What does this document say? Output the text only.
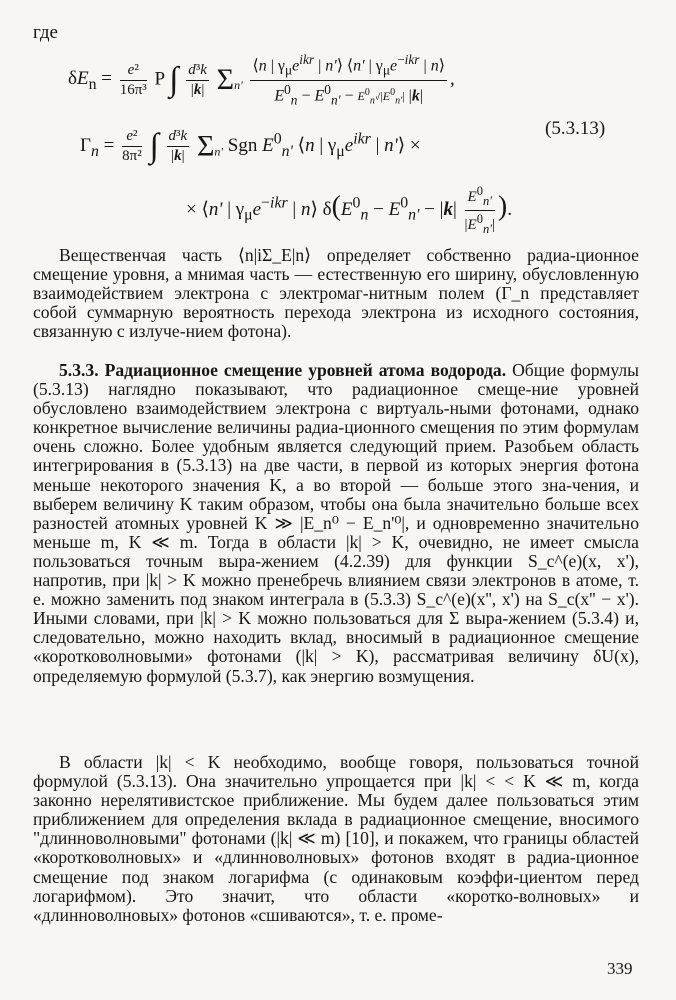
где
$\delta E_n = \frac{\text{e²}}{\text{16π³}}$ P ∫ $\frac{\text{d³k}}{|k|} \Sigma_{n'} \frac{⟨n | \gamma_\mu e^{ikr} | n'⟩ ⟨n' | \gamma_\mu e^{-ikr} | n⟩}{E^0_n - E^0_{n'} - E^0_{n'}/|E^0_{n'}| |k|}$ ,
$\Gamma_n = \frac{\text{e²}}{\text{8π²}}$ ∫ $\frac{\text{d³k}}{|k|} \Sigma_{n'}$ Sgn $E^0_{n'}$ ⟨n | $\gamma_\mu e^{ikr}$ | n'⟩ ×
(5.3.13)
× ⟨n' | $\gamma_\mu e^{-ikr}$ | n⟩ $\delta(E^0_n - E^0_{n'} - |k| \frac{E^0_{n'}}{|E^0_{n'}|}$ ).

Вещественчая часть ⟨n|iΣ_E|n⟩ определяет собственно радиа-ционное смещение уровня, а мнимая часть — естественную его ширину, обусловленную взаимодействием электрона с электромаг-нитным полем (Γ_n представляет собой суммарную вероятность перехода электрона из исходного состояния, связанную с излуче-нием фотона).

5.3.3. Радиационное смещение уровней атома водорода. Общие формулы (5.3.13) наглядно показывают, что радиационное смеще-ние уровней обусловлено взаимодействием электрона с виртуаль-ными фотонами, однако конкретное вычисление величины радиа-ционного смещения по этим формулам очень сложно. Более удобным является следующий прием. Разобьем область интегрирования в (5.3.13) на две части, в первой из которых энергия фотона меньше некоторого значения K, а во второй — больше этого зна-чения, и выберем величину K таким образом, чтобы она была значительно больше всех разностей атомных уровней K ≫ |E_n⁰ − E_n'⁰|, и одновременно значительно меньше m, K ≪ m. Тогда в области |k| > K, очевидно, не имеет смысла пользоваться точным выра-жением (4.2.39) для функции S_c^(e)(x, x'), напротив, при |k| > K можно пренебречь влиянием связи электронов в атоме, т. е. можно заменить под знаком интеграла в (5.3.3) S_c^(e)(x'', x') на S_c(x'' − x'). Иными словами, при |k| > K можно пользоваться для Σ выра-жением (5.3.4) и, следовательно, можно находить вклад, вносимый в радиационное смещение «коротковолновыми» фотонами (|k| > K), рассматривая величину δU(x), определяемую формулой (5.3.7), как энергию возмущения.

В области |k| < K необходимо, вообще говоря, пользоваться точной формулой (5.3.13). Она значительно упрощается при |k| < < K ≪ m, когда законно нерелятивистское приближение. Мы будем далее пользоваться этим приближением для определения вклада в радиационное смещение, вносимого "длинноволновыми" фотонами (|k| ≪ m) [10], и покажем, что границы областей «коротковолновых» и «длинноволновых» фотонов входят в радиа-ционное смещение под знаком логарифма (с одинаковым коэффи-циентом перед логарифмом). Это значит, что области «коротко-волновых» и «длинноволновых» фотонов «сшиваются», т. е. проме-

339
